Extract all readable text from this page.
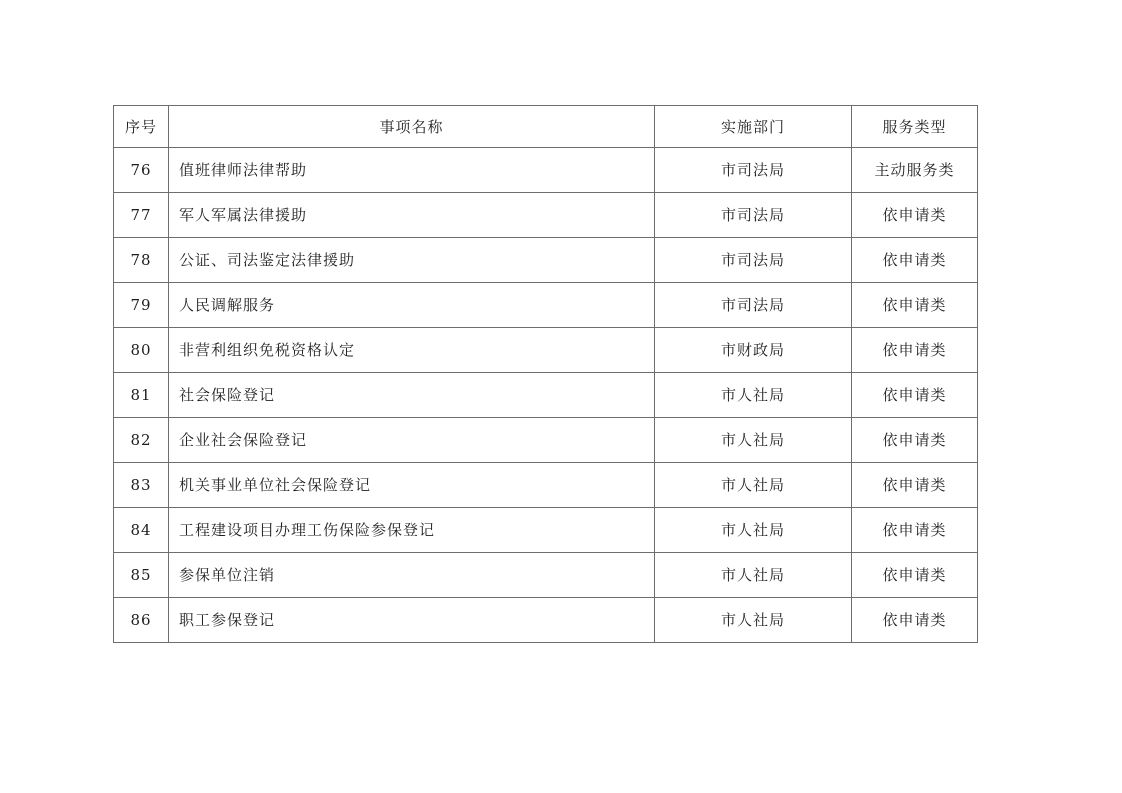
序号	事项名称	实施部门	服务类型
76	值班律师法律帮助	市司法局	主动服务类
77	军人军属法律援助	市司法局	依申请类
78	公证、司法鉴定法律援助	市司法局	依申请类
79	人民调解服务	市司法局	依申请类
80	非营利组织免税资格认定	市财政局	依申请类
81	社会保险登记	市人社局	依申请类
82	企业社会保险登记	市人社局	依申请类
83	机关事业单位社会保险登记	市人社局	依申请类
84	工程建设项目办理工伤保险参保登记	市人社局	依申请类
85	参保单位注销	市人社局	依申请类
86	职工参保登记	市人社局	依申请类
